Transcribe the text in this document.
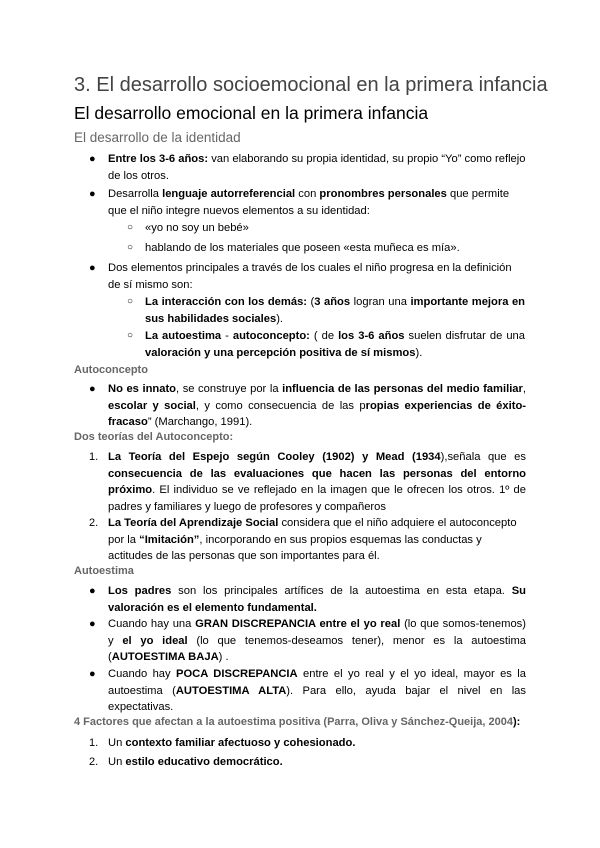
3. El desarrollo socioemocional en la primera infancia
El desarrollo emocional en la primera infancia
El desarrollo de la identidad
● Entre los 3-6 años: van elaborando su propia identidad, su propio “Yo” como reflejo de los otros.

● Desarrolla lenguaje autorreferencial con pronombres personales que permite que el niño integre nuevos elementos a su identidad:

○ «yo no soy un bebé»

○ hablando de los materiales que poseen «esta muñeca es mía».

● Dos elementos principales a través de los cuales el niño progresa en la definición de sí mismo son:

○ La interacción con los demás: (3 años logran una importante mejora en sus habilidades sociales).

○ La autoestima - autoconcepto: ( de los 3-6 años suelen disfrutar de una valoración y una percepción positiva de sí mismos).

Autoconcepto
● No es innato, se construye por la influencia de las personas del medio familiar, escolar y social, y como consecuencia de las propias experiencias de éxito-fracaso” (Marchango, 1991).

Dos teorías del Autoconcepto:
1. La Teoría del Espejo según Cooley (1902) y Mead (1934),señala que es consecuencia de las evaluaciones que hacen las personas del entorno próximo. El individuo se ve reflejado en la imagen que le ofrecen los otros. 1º de padres y familiares y luego de profesores y compañeros

2. La Teoría del Aprendizaje Social considera que el niño adquiere el autoconcepto por la “Imitación”, incorporando en sus propios esquemas las conductas y actitudes de las personas que son importantes para él.

Autoestima
● Los padres son los principales artífices de la autoestima en esta etapa. Su valoración es el elemento fundamental.

● Cuando hay una GRAN DISCREPANCIA entre el yo real (lo que somos-tenemos) y el yo ideal (lo que tenemos-deseamos tener), menor es la autoestima (AUTOESTIMA BAJA) .

● Cuando hay POCA DISCREPANCIA entre el yo real y el yo ideal, mayor es la autoestima (AUTOESTIMA ALTA). Para ello, ayuda bajar el nivel en las expectativas.

4 Factores que afectan a la autoestima positiva (Parra, Oliva y Sánchez-Queija, 2004):
1. Un contexto familiar afectuoso y cohesionado.

2. Un estilo educativo democrático.
